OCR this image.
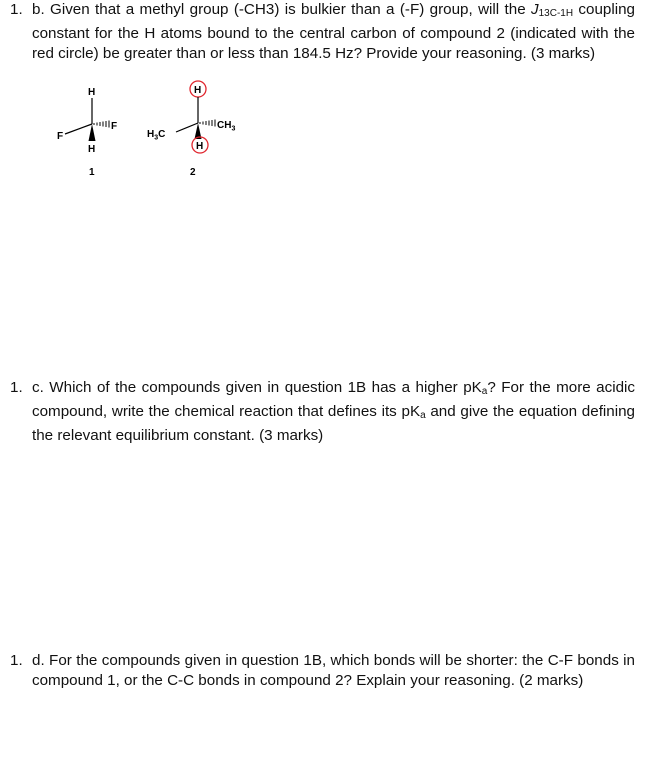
1. b. Given that a methyl group (-CH3) is bulkier than a (-F) group, will the $J_{13C-1H}$ coupling constant for the H atoms bound to the central carbon of compound 2 (indicated with the red circle) be greater than or less than 184.5 Hz? Provide your reasoning. (3 marks)
H
F
F
H
1
H
$H_3C$
$CH_3$
H
2
1. c. Which of the compounds given in question 1B has a higher $pK_a$? For the more acidic compound, write the chemical reaction that defines its $pK_a$ and give the equation defining the relevant equilibrium constant. (3 marks)
1. d. For the compounds given in question 1B, which bonds will be shorter: the C-F bonds in compound 1, or the C-C bonds in compound 2? Explain your reasoning. (2 marks)
